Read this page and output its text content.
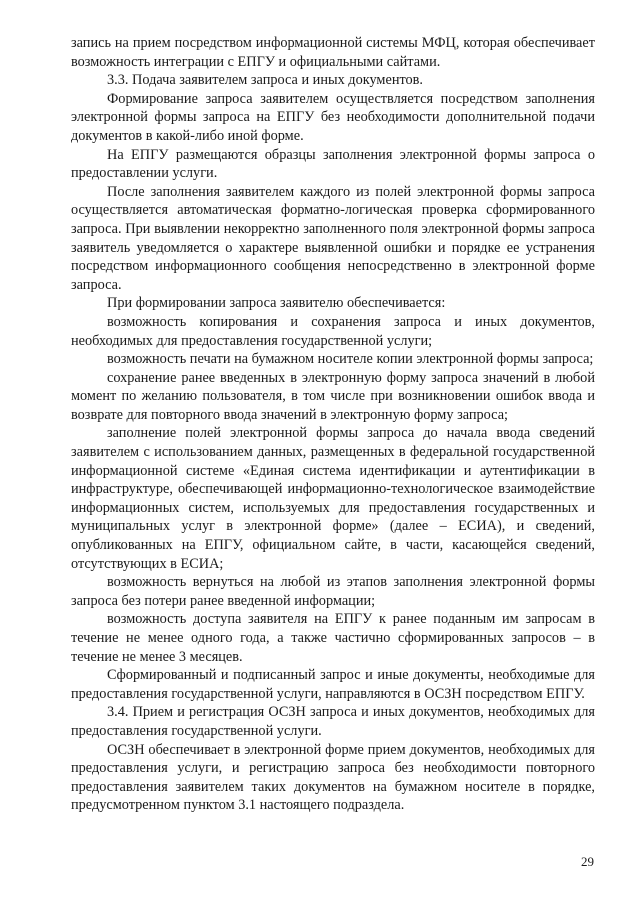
запись на прием посредством информационной системы МФЦ, которая обеспечивает возможность интеграции с ЕПГУ и официальными сайтами.

3.3. Подача заявителем запроса и иных документов.

Формирование запроса заявителем осуществляется посредством заполнения электронной формы запроса на ЕПГУ без необходимости дополнительной подачи документов в какой-либо иной форме.

На ЕПГУ размещаются образцы заполнения электронной формы запроса о предоставлении услуги.

После заполнения заявителем каждого из полей электронной формы запроса осуществляется автоматическая форматно-логическая проверка сформированного запроса. При выявлении некорректно заполненного поля электронной формы запроса заявитель уведомляется о характере выявленной ошибки и порядке ее устранения посредством информационного сообщения непосредственно в электронной форме запроса.

При формировании запроса заявителю обеспечивается:

возможность копирования и сохранения запроса и иных документов, необходимых для предоставления государственной услуги;

возможность печати на бумажном носителе копии электронной формы запроса;

сохранение ранее введенных в электронную форму запроса значений в любой момент по желанию пользователя, в том числе при возникновении ошибок ввода и возврате для повторного ввода значений в электронную форму запроса;

заполнение полей электронной формы запроса до начала ввода сведений заявителем с использованием данных, размещенных в федеральной государственной информационной системе «Единая система идентификации и аутентификации в инфраструктуре, обеспечивающей информационно-технологическое взаимодействие информационных систем, используемых для предоставления государственных и муниципальных услуг в электронной форме» (далее – ЕСИА), и сведений, опубликованных на ЕПГУ, официальном сайте, в части, касающейся сведений, отсутствующих в ЕСИА;

возможность вернуться на любой из этапов заполнения электронной формы запроса без потери ранее введенной информации;

возможность доступа заявителя на ЕПГУ к ранее поданным им запросам в течение не менее одного года, а также частично сформированных запросов – в течение не менее 3 месяцев.

Сформированный и подписанный запрос и иные документы, необходимые для предоставления государственной услуги, направляются в ОСЗН посредством ЕПГУ.

3.4. Прием и регистрация ОСЗН запроса и иных документов, необходимых для предоставления государственной услуги.

ОСЗН обеспечивает в электронной форме прием документов, необходимых для предоставления услуги, и регистрацию запроса без необходимости повторного предоставления заявителем таких документов на бумажном носителе в порядке, предусмотренном пунктом 3.1 настоящего подраздела.

29
